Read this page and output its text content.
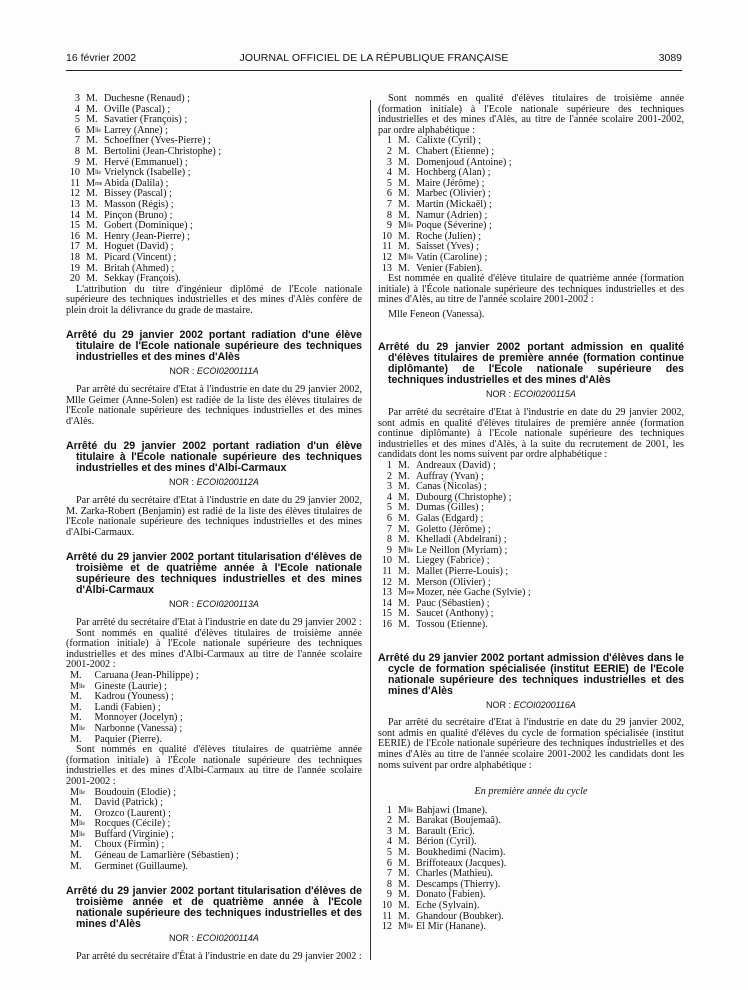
16 février 2002	JOURNAL OFFICIEL DE LA RÉPUBLIQUE FRANÇAISE	3089
3 M. Duchesne (Renaud) ;
4 M. Oville (Pascal) ;
5 M. Savatier (François) ;
6 $M^{lle}$ Larrey (Anne) ;
7 M. Schoeffner (Yves-Pierre) ;
8 M. Bertolini (Jean-Christophe) ;
9 M. Hervé (Emmanuel) ;
10 $M^{lle}$ Vrielynck (Isabelle) ;
11 $M^{me}$ Abida (Dalila) ;
12 M. Bissey (Pascal) ;
13 M. Masson (Régis) ;
14 M. Pinçon (Bruno) ;
15 M. Gobert (Dominique) ;
16 M. Henry (Jean-Pierre) ;
17 M. Hoguet (David) ;
18 M. Picard (Vincent) ;
19 M. Britah (Ahmed) ;
20 M. Sekkay (François).

L'attribution du titre d'ingénieur diplômé de l'Ecole nationale supérieure des techniques industrielles et des mines d'Alès confère de plein droit la délivrance du grade de mastaire.

Arrêté du 29 janvier 2002 portant radiation d'une élève titulaire de l'Ecole nationale supérieure des techniques industrielles et des mines d'Alès

NOR : ECOI0200111A

Par arrêté du secrétaire d'Etat à l'industrie en date du 29 janvier 2002, Mlle Geimer (Anne-Solen) est radiée de la liste des élèves titulaires de l'Ecole nationale supérieure des techniques industrielles et des mines d'Alès.

Arrêté du 29 janvier 2002 portant radiation d'un élève titulaire à l'Ecole nationale supérieure des techniques industrielles et des mines d'Albi-Carmaux

NOR : ECOI0200112A

Par arrêté du secrétaire d'Etat à l'industrie en date du 29 janvier 2002, M. Zarka-Robert (Benjamin) est radié de la liste des élèves titulaires de l'Ecole nationale supérieure des techniques industrielles et des mines d'Albi-Carmaux.

Arrêté du 29 janvier 2002 portant titularisation d'élèves de troisième et de quatrième année à l'Ecole nationale supérieure des techniques industrielles et des mines d'Albi-Carmaux

NOR : ECOI0200113A

Par arrêté du secrétaire d'Etat à l'industrie en date du 29 janvier 2002 :

Sont nommés en qualité d'élèves titulaires de troisième année (formation initiale) à l'Ecole nationale supérieure des techniques industrielles et des mines d'Albi-Carmaux au titre de l'année scolaire 2001-2002 :

M. Caruana (Jean-Philippe) ;
$M^{lle}$ Gineste (Laurie) ;
M. Kadrou (Youness) ;
M. Landi (Fabien) ;
M. Monnoyer (Jocelyn) ;
$M^{lle}$ Narbonne (Vanessa) ;
M. Paquier (Pierre).

Sont nommés en qualité d'élèves titulaires de quatrième année (formation initiale) à l'École nationale supérieure des techniques industrielles et des mines d'Albi-Carmaux au titre de l'année scolaire 2001-2002 :

$M^{lle}$ Boudouin (Elodie) ;
M. David (Patrick) ;
M. Orozco (Laurent) ;
$M^{lle}$ Rocques (Cécile) ;
$M^{lle}$ Buffard (Virginie) ;
M. Choux (Firmin) ;
M. Géneau de Lamarlière (Sébastien) ;
M. Germinet (Guillaume).

Arrêté du 29 janvier 2002 portant titularisation d'élèves de troisième année et de quatrième année à l'Ecole nationale supérieure des techniques industrielles et des mines d'Alès

NOR : ECOI0200114A

Par arrêté du secrétaire d'État à l'industrie en date du 29 janvier 2002 :

Sont nommés en qualité d'élèves titulaires de troisième année (formation initiale) à l'Ecole nationale supérieure des techniques industrielles et des mines d'Alès, au titre de l'année scolaire 2001-2002, par ordre alphabétique :

1 M. Calixte (Cyril) ;
2 M. Chabert (Etienne) ;
3 M. Domenjoud (Antoine) ;
4 M. Hochberg (Alan) ;
5 M. Maire (Jérôme) ;
6 M. Marbec (Olivier) ;
7 M. Martin (Mickaël) ;
8 M. Namur (Adrien) ;
9 $M^{lle}$ Poque (Séverine) ;
10 M. Roche (Julien) ;
11 M. Saisset (Yves) ;
12 $M^{lle}$ Vatin (Caroline) ;
13 M. Venier (Fabien).

Est nommée en qualité d'élève titulaire de quatrième année (formation initiale) à l'École nationale supérieure des techniques industrielles et des mines d'Alès, au titre de l'année scolaire 2001-2002 :

Mlle Feneon (Vanessa).

Arrêté du 29 janvier 2002 portant admission en qualité d'élèves titulaires de première année (formation continue diplômante) de l'Ecole nationale supérieure des techniques industrielles et des mines d'Alès

NOR : ECOI0200115A

Par arrêté du secrétaire d'Etat à l'industrie en date du 29 janvier 2002, sont admis en qualité d'élèves titulaires de première année (formation continue diplômante) à l'Ecole nationale supérieure des techniques industrielles et des mines d'Alès, à la suite du recrutement de 2001, les candidats dont les noms suivent par ordre alphabétique :

1 M. Andreaux (David) ;
2 M. Auffray (Yvan) ;
3 M. Canas (Nicolas) ;
4 M. Dubourg (Christophe) ;
5 M. Dumas (Gilles) ;
6 M. Galas (Edgard) ;
7 M. Goletto (Jérôme) ;
8 M. Khelladi (Abdelrani) ;
9 $M^{lle}$ Le Neillon (Myriam) ;
10 M. Liegey (Fabrice) ;
11 M. Mallet (Pierre-Louis) ;
12 M. Merson (Olivier) ;
13 $M^{me}$ Mozer, née Gache (Sylvie) ;
14 M. Pauc (Sébastien) ;
15 M. Saucet (Anthony) ;
16 M. Tossou (Etienne).

Arrêté du 29 janvier 2002 portant admission d'élèves dans le cycle de formation spécialisée (institut EERIE) de l'Ecole nationale supérieure des techniques industrielles et des mines d'Alès

NOR : ECOI0200116A

Par arrêté du secrétaire d'Etat à l'industrie en date du 29 janvier 2002, sont admis en qualité d'élèves du cycle de formation spécialisée (institut EERIE) de l'Ecole nationale supérieure des techniques industrielles et des mines d'Alès au titre de l'année scolaire 2001-2002 les candidats dont les noms suivent par ordre alphabétique :

En première année du cycle

1 $M^{lle}$ Bahjawi (Imane).
2 M. Barakat (Boujemaâ).
3 M. Barault (Eric).
4 M. Bérion (Cyril).
5 M. Boukhedimi (Nacim).
6 M. Briffoteaux (Jacques).
7 M. Charles (Mathieu).
8 M. Descamps (Thierry).
9 M. Donato (Fabien).
10 M. Eche (Sylvain).
11 M. Ghandour (Boubker).
12 $M^{lle}$ El Mir (Hanane).
